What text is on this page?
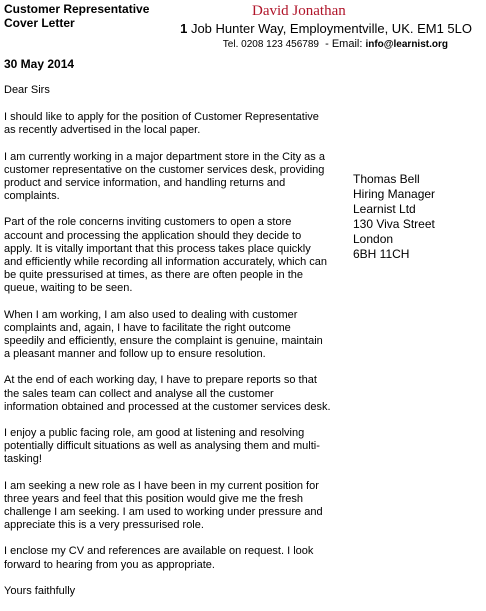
Customer Representative
Cover Letter
David Jonathan
1 Job Hunter Way, Employmentville, UK. EM1 5LO
Tel. 0208 123 456789  - Email: info@learnist.org
30 May 2014
Thomas Bell
Hiring Manager
Learnist Ltd
130 Viva Street
London
6BH 11CH

Dear Sirs

I should like to apply for the position of Customer Representative
as recently advertised in the local paper.

I am currently working in a major department store in the City as a
customer representative on the customer services desk, providing
product and service information, and handling returns and
complaints.

Part of the role concerns inviting customers to open a store
account and processing the application should they decide to
apply. It is vitally important that this process takes place quickly
and efficiently while recording all information accurately, which can
be quite pressurised at times, as there are often people in the
queue, waiting to be seen.

When I am working, I am also used to dealing with customer
complaints and, again, I have to facilitate the right outcome
speedily and efficiently, ensure the complaint is genuine, maintain
a pleasant manner and follow up to ensure resolution.

At the end of each working day, I have to prepare reports so that
the sales team can collect and analyse all the customer
information obtained and processed at the customer services desk.

I enjoy a public facing role, am good at listening and resolving
potentially difficult situations as well as analysing them and multi-
tasking!

I am seeking a new role as I have been in my current position for
three years and feel that this position would give me the fresh
challenge I am seeking. I am used to working under pressure and
appreciate this is a very pressurised role.

I enclose my CV and references are available on request. I look
forward to hearing from you as appropriate.

Yours faithfully
